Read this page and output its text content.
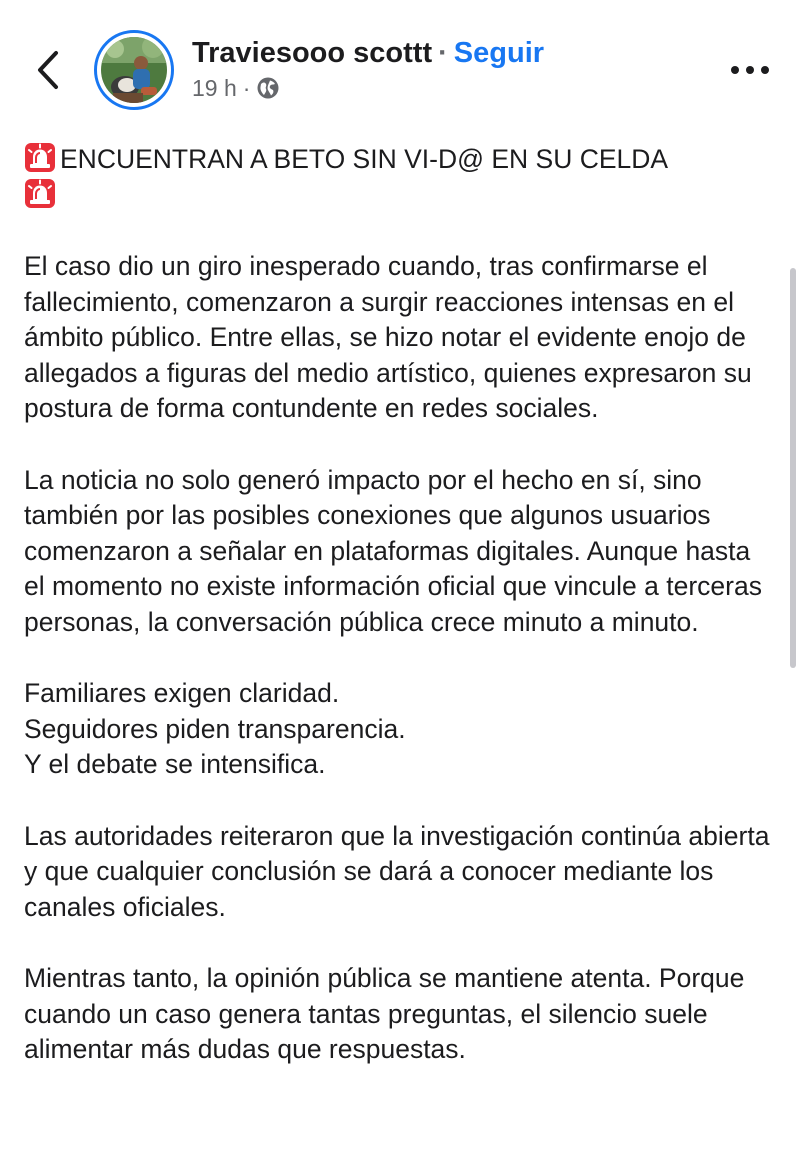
Traviesooo scottt · Seguir
19 h ·
ENCUENTRAN A BETO SIN VI-D@ EN SU CELDA

El caso dio un giro inesperado cuando, tras confirmarse el fallecimiento, comenzaron a surgir reacciones intensas en el ámbito público. Entre ellas, se hizo notar el evidente enojo de allegados a figuras del medio artístico, quienes expresaron su postura de forma contundente en redes sociales.

La noticia no solo generó impacto por el hecho en sí, sino también por las posibles conexiones que algunos usuarios comenzaron a señalar en plataformas digitales. Aunque hasta el momento no existe información oficial que vincule a terceras personas, la conversación pública crece minuto a minuto.

Familiares exigen claridad.
Seguidores piden transparencia.
Y el debate se intensifica.

Las autoridades reiteraron que la investigación continúa abierta y que cualquier conclusión se dará a conocer mediante los canales oficiales.

Mientras tanto, la opinión pública se mantiene atenta. Porque cuando un caso genera tantas preguntas, el silencio suele alimentar más dudas que respuestas.
